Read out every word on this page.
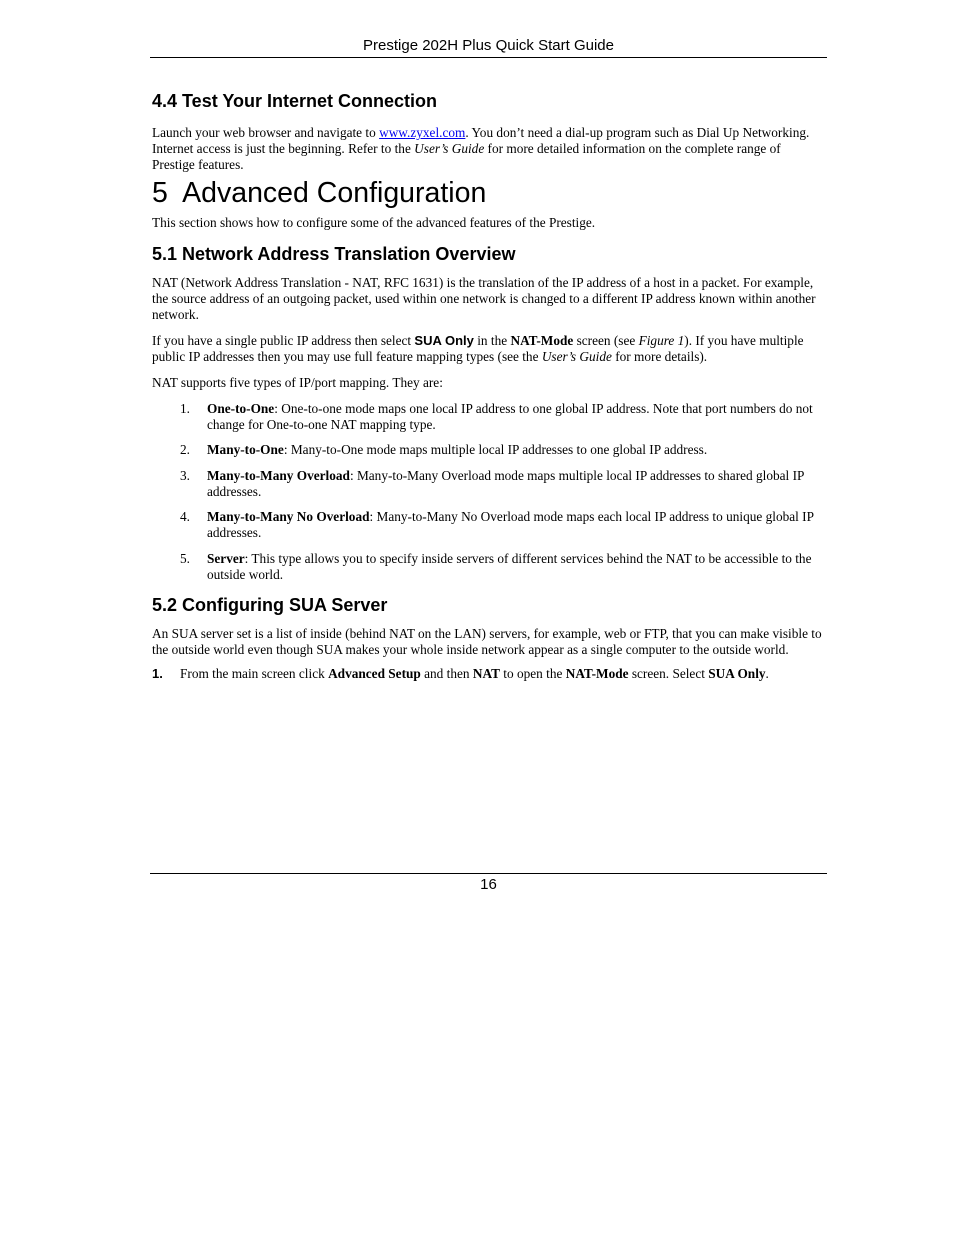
Prestige 202H Plus Quick Start Guide
4.4 Test Your Internet Connection

Launch your web browser and navigate to www.zyxel.com. You don’t need a dial-up program such as Dial Up Networking. Internet access is just the beginning. Refer to the User’s Guide for more detailed information on the complete range of Prestige features.

5  Advanced Configuration

This section shows how to configure some of the advanced features of the Prestige.

5.1 Network Address Translation Overview

NAT (Network Address Translation - NAT, RFC 1631) is the translation of the IP address of a host in a packet. For example, the source address of an outgoing packet, used within one network is changed to a different IP address known within another network.

If you have a single public IP address then select SUA Only in the NAT-Mode screen (see Figure 1). If you have multiple public IP addresses then you may use full feature mapping types (see the User’s Guide for more details).

NAT supports five types of IP/port mapping. They are:

1. One-to-One: One-to-one mode maps one local IP address to one global IP address. Note that port numbers do not change for One-to-one NAT mapping type.
2. Many-to-One: Many-to-One mode maps multiple local IP addresses to one global IP address.
3. Many-to-Many Overload: Many-to-Many Overload mode maps multiple local IP addresses to shared global IP addresses.
4. Many-to-Many No Overload: Many-to-Many No Overload mode maps each local IP address to unique global IP addresses.
5. Server: This type allows you to specify inside servers of different services behind the NAT to be accessible to the outside world.
5.2 Configuring SUA Server

An SUA server set is a list of inside (behind NAT on the LAN) servers, for example, web or FTP, that you can make visible to the outside world even though SUA makes your whole inside network appear as a single computer to the outside world.

1. From the main screen click Advanced Setup and then NAT to open the NAT-Mode screen. Select SUA Only.
16
